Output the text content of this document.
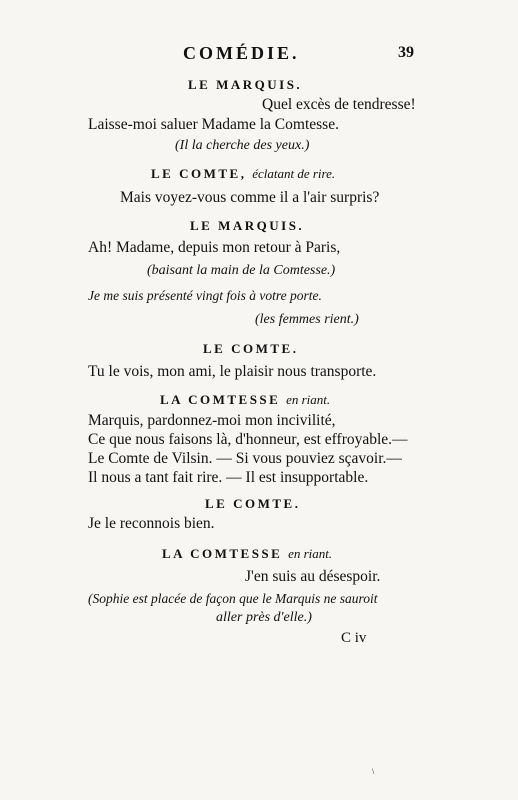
COMÉDIE.	39
LE MARQUIS.
Quel excès de tendresse!
Laisse-moi saluer Madame la Comtesse.
(Il la cherche des yeux.)
LE COMTE, éclatant de rire.
Mais voyez-vous comme il a l'air surpris?
LE MARQUIS.
Ah! Madame, depuis mon retour à Paris,
(baisant la main de la Comtesse.)
Je me suis présenté vingt fois à votre porte.
(les femmes rient.)
LE COMTE.
Tu le vois, mon ami, le plaisir nous transporte.
LA COMTESSE en riant.
Marquis, pardonnez-moi mon incivilité,
Ce que nous faisons là, d'honneur, est effroyable.—
Le Comte de Vilsin. — Si vous pouviez sçavoir.—
Il nous a tant fait rire. — Il est insupportable.
LE COMTE.
Je le reconnois bien.
LA COMTESSE en riant.
J'en suis au désespoir.
(Sophie est placée de façon que le Marquis ne sauroit
aller près d'elle.)
C iv
\
